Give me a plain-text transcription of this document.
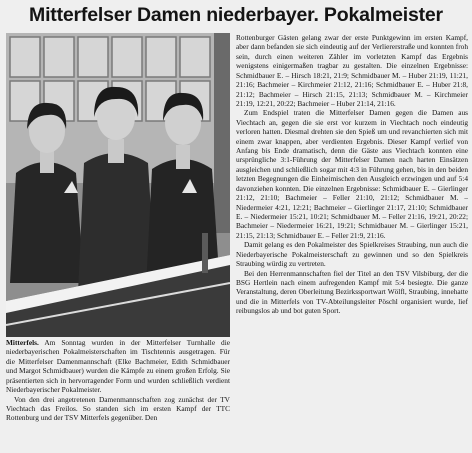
Mitterfelser Damen niederbayer. Pokalmeister

Mitterfels. Am Sonntag wurden in der Mitterfelser Turnhalle die niederbayerischen Pokalmeisterschaften im Tischtennis ausgetragen. Für die Mitterfelser Damenmannschaft (Elke Bachmeier, Edith Schmidbauer und Margot Schmidbauer) wurden die Kämpfe zu einem großen Erfolg. Sie präsentierten sich in hervorragender Form und wurden schließlich verdient Niederbayerischer Pokalmeister.

Von den drei angetretenen Damenmannschaften zog zunächst der TV Viechtach das Freilos. So standen sich im ersten Kampf der TTC Rottenburg und der TSV Mitterfels gegenüber. Den

Rottenburger Gästen gelang zwar der erste Punktgewinn im ersten Kampf, aber dann befanden sie sich eindeutig auf der Verliererstraße und konnten froh sein, durch einen weiteren Zähler im vorletzten Kampf das Ergebnis wenigstens einigermaßen tragbar zu gestalten. Die einzelnen Ergebnisse: Schmidbauer E. – Hirsch 18:21, 21:9; Schmidbauer M. – Huber 21:19, 11:21, 21:16; Bachmeier – Kirchmeier 21:12, 21:16; Schmidbauer E. – Huber 21:8, 21:12; Bachmeier – Hirsch 21:15, 21:13; Schmidbauer M. – Kirchmeier 21:19, 12:21, 20:22; Bachmeier – Huber 21:14, 21:16.

Zum Endspiel traten die Mitterfelser Damen gegen die Damen aus Viechtach an, gegen die sie erst vor kurzem in Viechtach noch eindeutig verloren hatten. Diesmal drehten sie den Spieß um und revanchierten sich mit einem zwar knappen, aber verdienten Ergebnis. Dieser Kampf verlief von Anfang bis Ende dramatisch, denn die Gäste aus Viechtach konnten eine ursprüngliche 3:1-Führung der Mitterfelser Damen nach harten Einsätzen ausgleichen und schließlich sogar mit 4:3 in Führung gehen, bis in den beiden letzten Begegnungen die Einheimischen den Ausgleich erzwingen und auf 5:4 davonziehen konnten. Die einzelnen Ergebnisse: Schmidbauer E. – Gierlinger 21:12, 21:10; Bachmeier – Feller 21:10, 21:12; Schmidbauer M. – Niedermeier 4:21, 12:21; Bachmeier – Gierlinger 21:17, 21:10; Schmidbauer E. – Niedermeier 15:21, 10:21; Schmidbauer M. – Feller 21:16, 19:21, 20:22; Bachmeier – Niedermeier 16:21, 19:21; Schmidbauer M. – Gierlinger 15:21, 21:15, 21:13; Schmidbauer E. – Feller 21:9, 21:16.

Damit gelang es den Pokalmeister des Spielkreises Straubing, nun auch die Niederbayerische Pokalmeisterschaft zu gewinnen und so den Spielkreis Straubing würdig zu vertreten.

Bei den Herrenmannschaften fiel der Titel an den TSV Vilsbiburg, der die BSG Hertlein nach einem aufregenden Kampf mit 5:4 besiegte. Die ganze Veranstaltung, deren Oberleitung Bezirkssportwart Wölfl, Straubing, innehatte und die in Mitterfels von TV-Abteilungsleiter Pöschl organisiert wurde, lief reibungslos ab und bot guten Sport.
